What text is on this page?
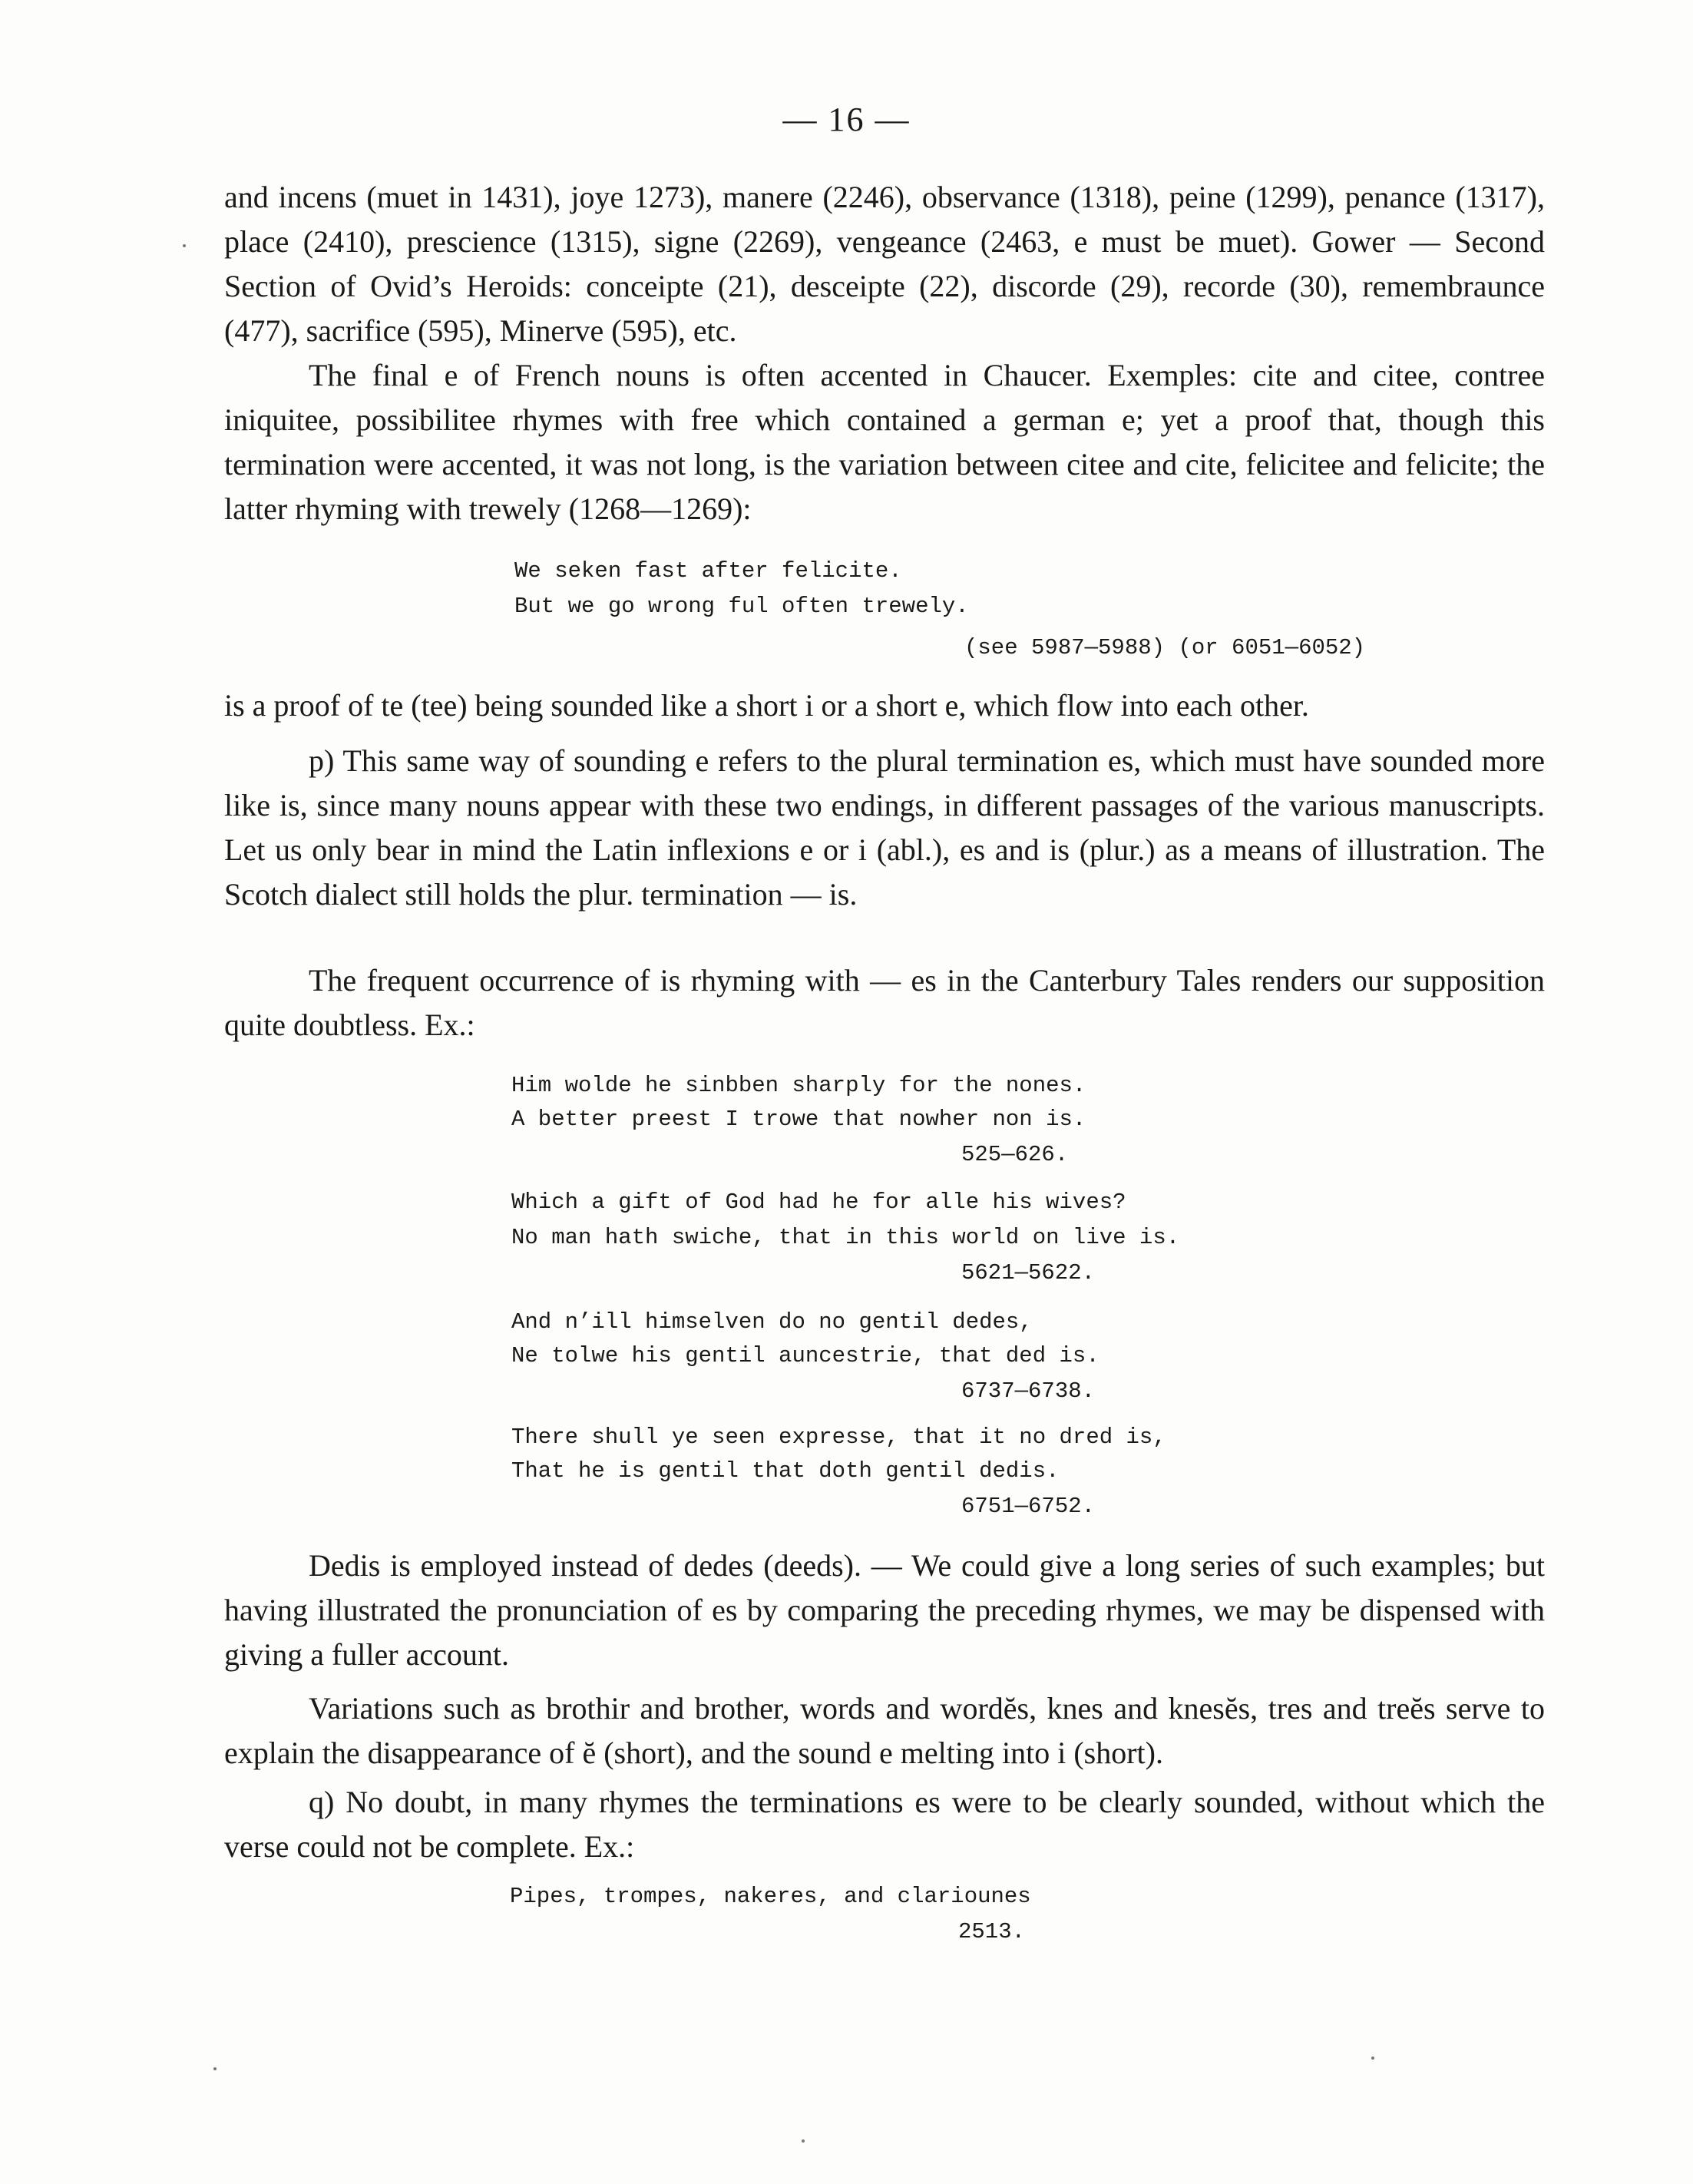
— 16 —

and incens (muet in 1431), joye 1273), manere (2246), observance (1318), peine (1299), penance (1317), place (2410), prescience (1315), signe (2269), vengeance (2463, e must be muet). Gower — Second Section of Ovid’s Heroids: conceipte (21), desceipte (22), discorde (29), recorde (30), remembraunce (477), sacrifice (595), Minerve (595), etc.

The final e of French nouns is often accented in Chaucer. Exemples: cite and citee, contree iniquitee, possibilitee rhymes with free which contained a german e; yet a proof that, though this termination were accented, it was not long, is the variation between citee and cite, felicitee and felicite; the latter rhyming with trewely (1268—1269):

We seken fast after felicite.
But we go wrong ful often trewely.
(see 5987—5988) (or 6051—6052)

is a proof of te (tee) being sounded like a short i or a short e, which flow into each other.

p) This same way of sounding e refers to the plural termination es, which must have sounded more like is, since many nouns appear with these two endings, in different passages of the various manuscripts. Let us only bear in mind the Latin inflexions e or i (abl.), es and is (plur.) as a means of illustration. The Scotch dialect still holds the plur. termination — is.

The frequent occurrence of is rhyming with — es in the Canterbury Tales renders our supposition quite doubtless. Ex.:

Him wolde he sinbben sharply for the nones.
A better preest I trowe that nowher non is.
525—626.
Which a gift of God had he for alle his wives?
No man hath swiche, that in this world on live is.
5621—5622.
And n’ill himselven do no gentil dedes,
Ne tolwe his gentil auncestrie, that ded is.
6737—6738.
There shull ye seen expresse, that it no dred is,
That he is gentil that doth gentil dedis.
6751—6752.

Dedis is employed instead of dedes (deeds). — We could give a long series of such examples; but having illustrated the pronunciation of es by comparing the preceding rhymes, we may be dispensed with giving a fuller account.

Variations such as brothir and brother, words and wordĕs, knes and knesĕs, tres and treĕs serve to explain the disappearance of ĕ (short), and the sound e melting into i (short).

q) No doubt, in many rhymes the terminations es were to be clearly sounded, without which the verse could not be complete. Ex.:

Pipes, trompes, nakeres, and clariounes
2513.
